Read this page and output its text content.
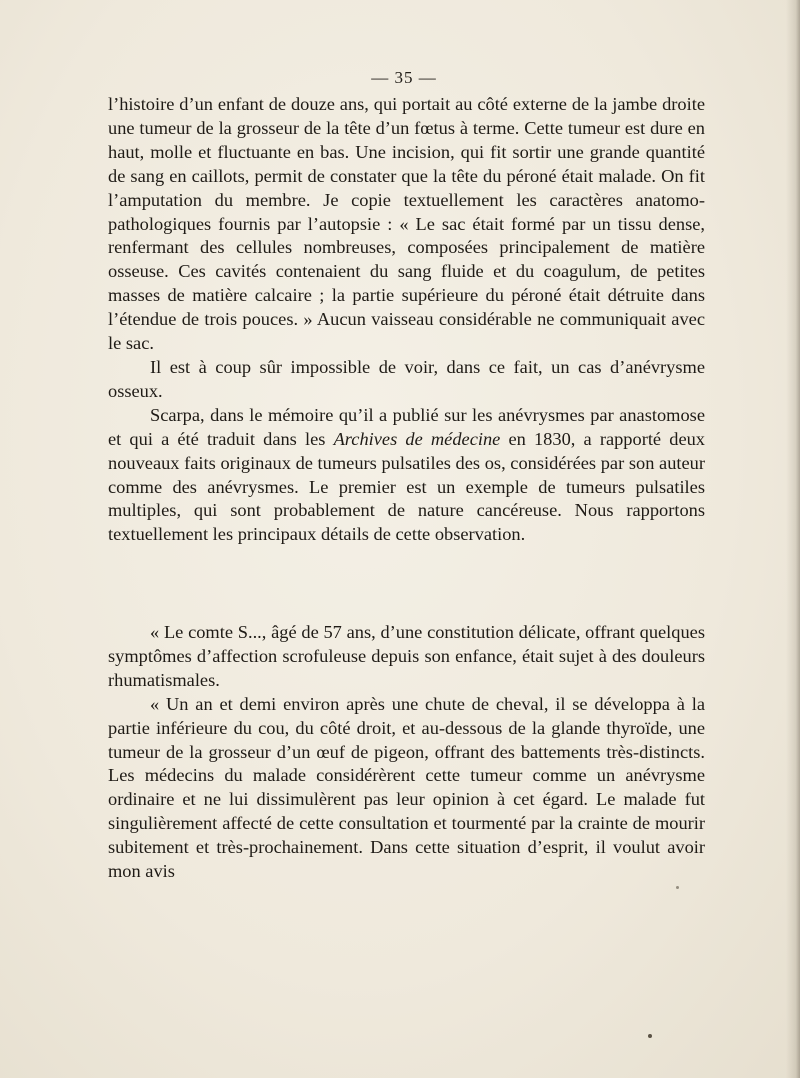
— 35 —

l’histoire d’un enfant de douze ans, qui portait au côté externe de la jambe droite une tumeur de la grosseur de la tête d’un fœtus à terme. Cette tumeur est dure en haut, molle et fluctuante en bas. Une incision, qui fit sortir une grande quantité de sang en caillots, permit de constater que la tête du péroné était malade. On fit l’amputation du membre. Je copie textuellement les caractères anatomo-pathologiques fournis par l’autopsie : « Le sac était formé par un tissu dense, renfermant des cellules nombreuses, composées principalement de matière osseuse. Ces cavités contenaient du sang fluide et du coagulum, de petites masses de matière calcaire ; la partie supérieure du péroné était détruite dans l’étendue de trois pouces. » Aucun vaisseau considérable ne communiquait avec le sac.

Il est à coup sûr impossible de voir, dans ce fait, un cas d’anévrysme osseux.

Scarpa, dans le mémoire qu’il a publié sur les anévrysmes par anastomose et qui a été traduit dans les Archives de médecine en 1830, a rapporté deux nouveaux faits originaux de tumeurs pulsatiles des os, considérées par son auteur comme des anévrysmes. Le premier est un exemple de tumeurs pulsatiles multiples, qui sont probablement de nature cancéreuse. Nous rapportons textuellement les principaux détails de cette observation.

« Le comte S..., âgé de 57 ans, d’une constitution délicate, offrant quelques symptômes d’affection scrofuleuse depuis son enfance, était sujet à des douleurs rhumatismales.

« Un an et demi environ après une chute de cheval, il se développa à la partie inférieure du cou, du côté droit, et au-dessous de la glande thyroïde, une tumeur de la grosseur d’un œuf de pigeon, offrant des battements très-distincts. Les médecins du malade considérèrent cette tumeur comme un anévrysme ordinaire et ne lui dissimulèrent pas leur opinion à cet égard. Le malade fut singulièrement affecté de cette consultation et tourmenté par la crainte de mourir subitement et très-prochainement. Dans cette situation d’esprit, il voulut avoir mon avis
